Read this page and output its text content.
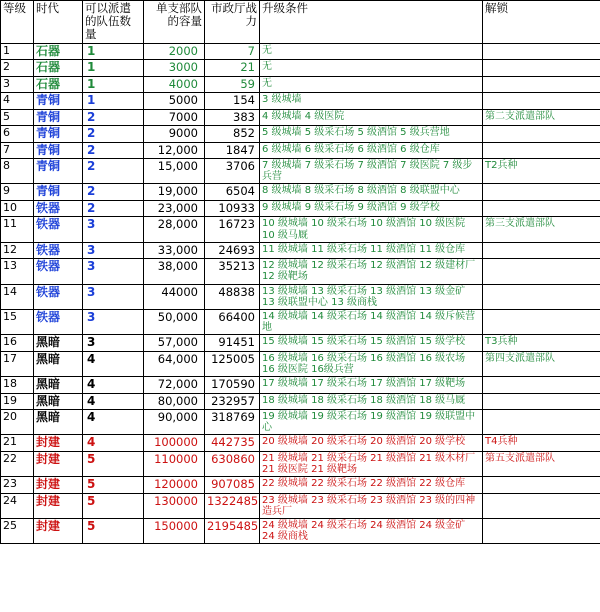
等级	时代	可以派遣的队伍数量	单支部队的容量	市政厅战力	升级条件	解锁
1	石器	1	2000	7	无	
2	石器	1	3000	21	无	
3	石器	1	4000	59	无	
4	青铜	1	5000	154	3 级城墙	
5	青铜	2	7000	383	4 级城墙 4 级医院	第二支派遣部队
6	青铜	2	9000	852	5 级城墙 5 级采石场 5 级酒馆 5 级兵营地	
7	青铜	2	12,000	1847	6 级城墙 6 级采石场 6 级酒馆 6 级仓库	
8	青铜	2	15,000	3706	7 级城墙 7 级采石场 7 级酒馆 7 级医院 7 级步兵营	T2兵种
9	青铜	2	19,000	6504	8 级城墙 8 级采石场 8 级酒馆 8 级联盟中心	
10	铁器	2	23,000	10933	9 级城墙 9 级采石场 9 级酒馆 9 级学校	
11	铁器	3	28,000	16723	10 级城墙 10 级采石场 10 级酒馆 10 级医院 10 级马厩	第三支派遣部队
12	铁器	3	33,000	24693	11 级城墙 11 级采石场 11 级酒馆 11 级仓库	
13	铁器	3	38,000	35213	12 级城墙 12 级采石场 12 级酒馆 12 级建材厂 12 级靶场	
14	铁器	3	44000	48838	13 级城墙 13 级采石场 13 级酒馆 13 级金矿 13 级联盟中心 13 级商栈	
15	铁器	3	50,000	66400	14 级城墙 14 级采石场 14 级酒馆 14 级斥候营地	
16	黑暗	3	57,000	91451	15 级城墙 15 级采石场 15 级酒馆 15 级学校	T3兵种
17	黑暗	4	64,000	125005	16 级城墙 16 级采石场 16 级酒馆 16 级农场 16 级医院 16级兵营	第四支派遣部队
18	黑暗	4	72,000	170590	17 级城墙 17 级采石场 17 级酒馆 17 级靶场	
19	黑暗	4	80,000	232957	18 级城墙 18 级采石场 18 级酒馆 18 级马厩	
20	黑暗	4	90,000	318769	19 级城墙 19 级采石场 19 级酒馆 19 级联盟中心	
21	封建	4	100000	442735	20 级城墙 20 级采石场 20 级酒馆 20 级学校	T4兵种
22	封建	5	110000	630860	21 级城墙 21 级采石场 21 级酒馆 21 级木材厂 21 级医院 21 级靶场	第五支派遣部队
23	封建	5	120000	907085	22 级城墙 22 级采石场 22 级酒馆 22 级仓库	
24	封建	5	130000	1322485	23 级城墙 23 级采石场 23 级酒馆 23 级的四神造兵厂	
25	封建	5	150000	2195485	24 级城墙 24 级采石场 24 级酒馆 24 级金矿 24 级商栈	
